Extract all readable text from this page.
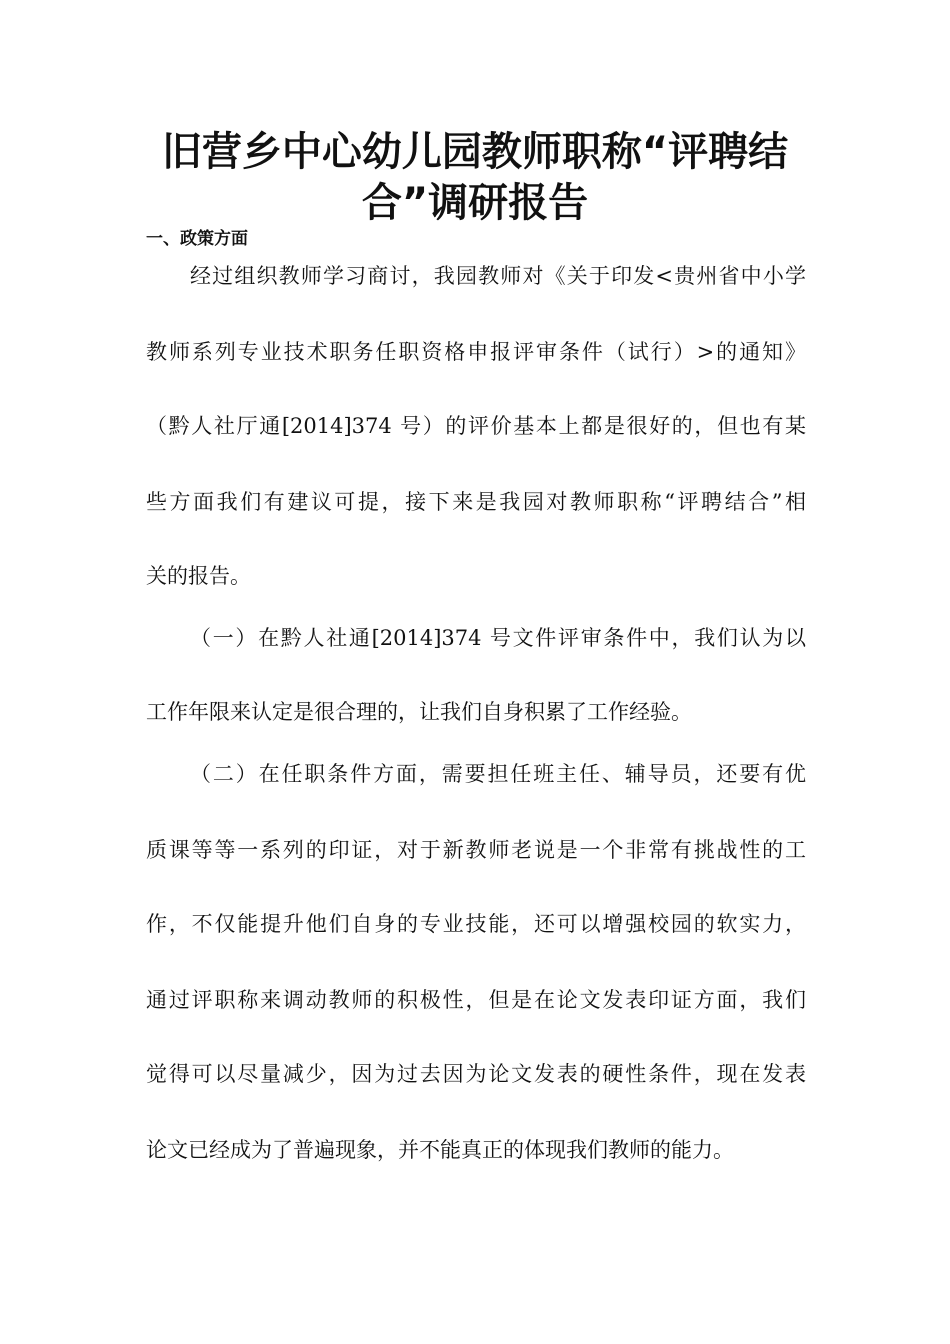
旧营乡中心幼儿园教师职称“评聘结
合”调研报告
一、政策方面
经过组织教师学习商讨，我园教师对《关于印发<贵州省中小学
教师系列专业技术职务任职资格申报评审条件（试行）>的通知》
（黔人社厅通[2014]374 号）的评价基本上都是很好的，但也有某
些方面我们有建议可提，接下来是我园对教师职称“评聘结合”相
关的报告。
（一）在黔人社通[2014]374 号文件评审条件中，我们认为以
工作年限来认定是很合理的，让我们自身积累了工作经验。
（二）在任职条件方面，需要担任班主任、辅导员，还要有优
质课等等一系列的印证，对于新教师老说是一个非常有挑战性的工
作，不仅能提升他们自身的专业技能，还可以增强校园的软实力，
通过评职称来调动教师的积极性，但是在论文发表印证方面，我们
觉得可以尽量减少，因为过去因为论文发表的硬性条件，现在发表
论文已经成为了普遍现象，并不能真正的体现我们教师的能力。
